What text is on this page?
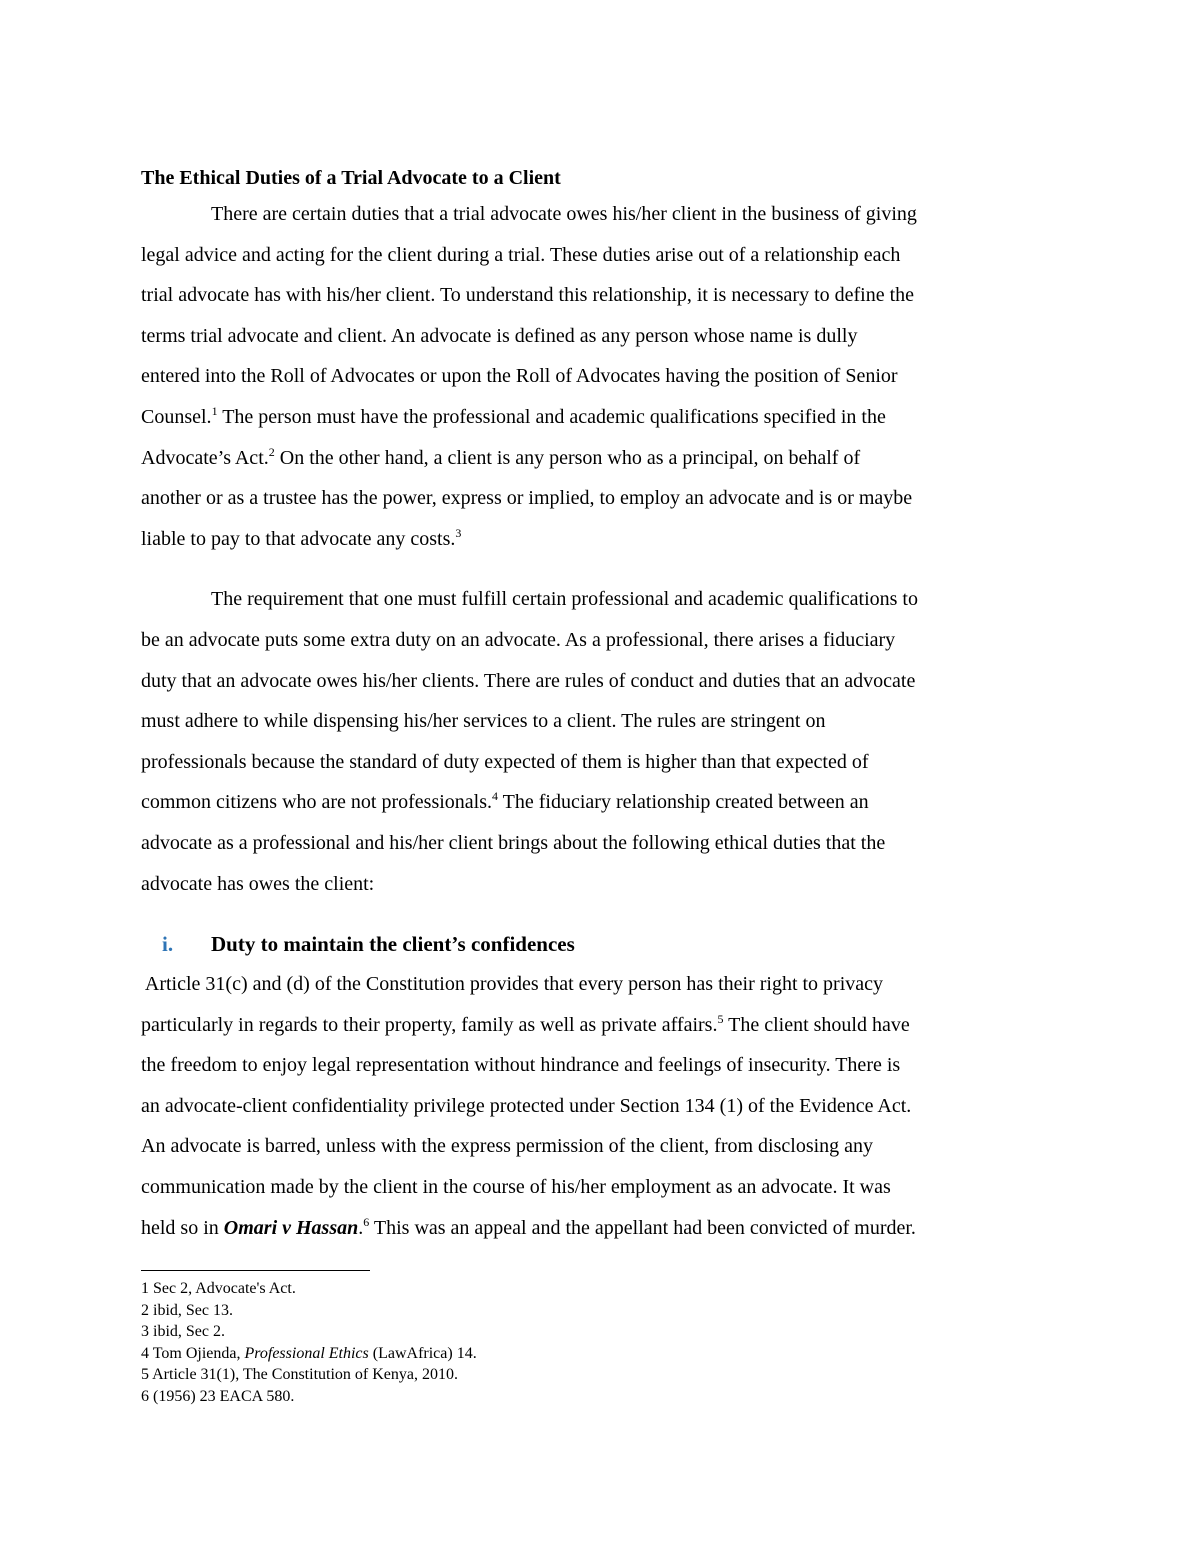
The Ethical Duties of a Trial Advocate to a Client
There are certain duties that a trial advocate owes his/her client in the business of giving
legal advice and acting for the client during a trial. These duties arise out of a relationship each
trial advocate has with his/her client. To understand this relationship, it is necessary to define the
terms trial advocate and client. An advocate is defined as any person whose name is dully
entered into the Roll of Advocates or upon the Roll of Advocates having the position of Senior
Counsel.$^1$ The person must have the professional and academic qualifications specified in the
Advocate’s Act.$^2$ On the other hand, a client is any person who as a principal, on behalf of
another or as a trustee has the power, express or implied, to employ an advocate and is or maybe
liable to pay to that advocate any costs.$^3$
The requirement that one must fulfill certain professional and academic qualifications to
be an advocate puts some extra duty on an advocate. As a professional, there arises a fiduciary
duty that an advocate owes his/her clients. There are rules of conduct and duties that an advocate
must adhere to while dispensing his/her services to a client. The rules are stringent on
professionals because the standard of duty expected of them is higher than that expected of
common citizens who are not professionals.$^4$ The fiduciary relationship created between an
advocate as a professional and his/her client brings about the following ethical duties that the
advocate has owes the client:
i. Duty to maintain the client’s confidences
Article 31(c) and (d) of the Constitution provides that every person has their right to privacy
particularly in regards to their property, family as well as private affairs.$^5$ The client should have
the freedom to enjoy legal representation without hindrance and feelings of insecurity. There is
an advocate-client confidentiality privilege protected under Section 134 (1) of the Evidence Act.
An advocate is barred, unless with the express permission of the client, from disclosing any
communication made by the client in the course of his/her employment as an advocate. It was
held so in Omari v Hassan.$^6$ This was an appeal and the appellant had been convicted of murder.
1 Sec 2, Advocate's Act.
2 ibid, Sec 13.
3 ibid, Sec 2.
4 Tom Ojienda, Professional Ethics (LawAfrica) 14.
5 Article 31(1), The Constitution of Kenya, 2010.
6 (1956) 23 EACA 580.
